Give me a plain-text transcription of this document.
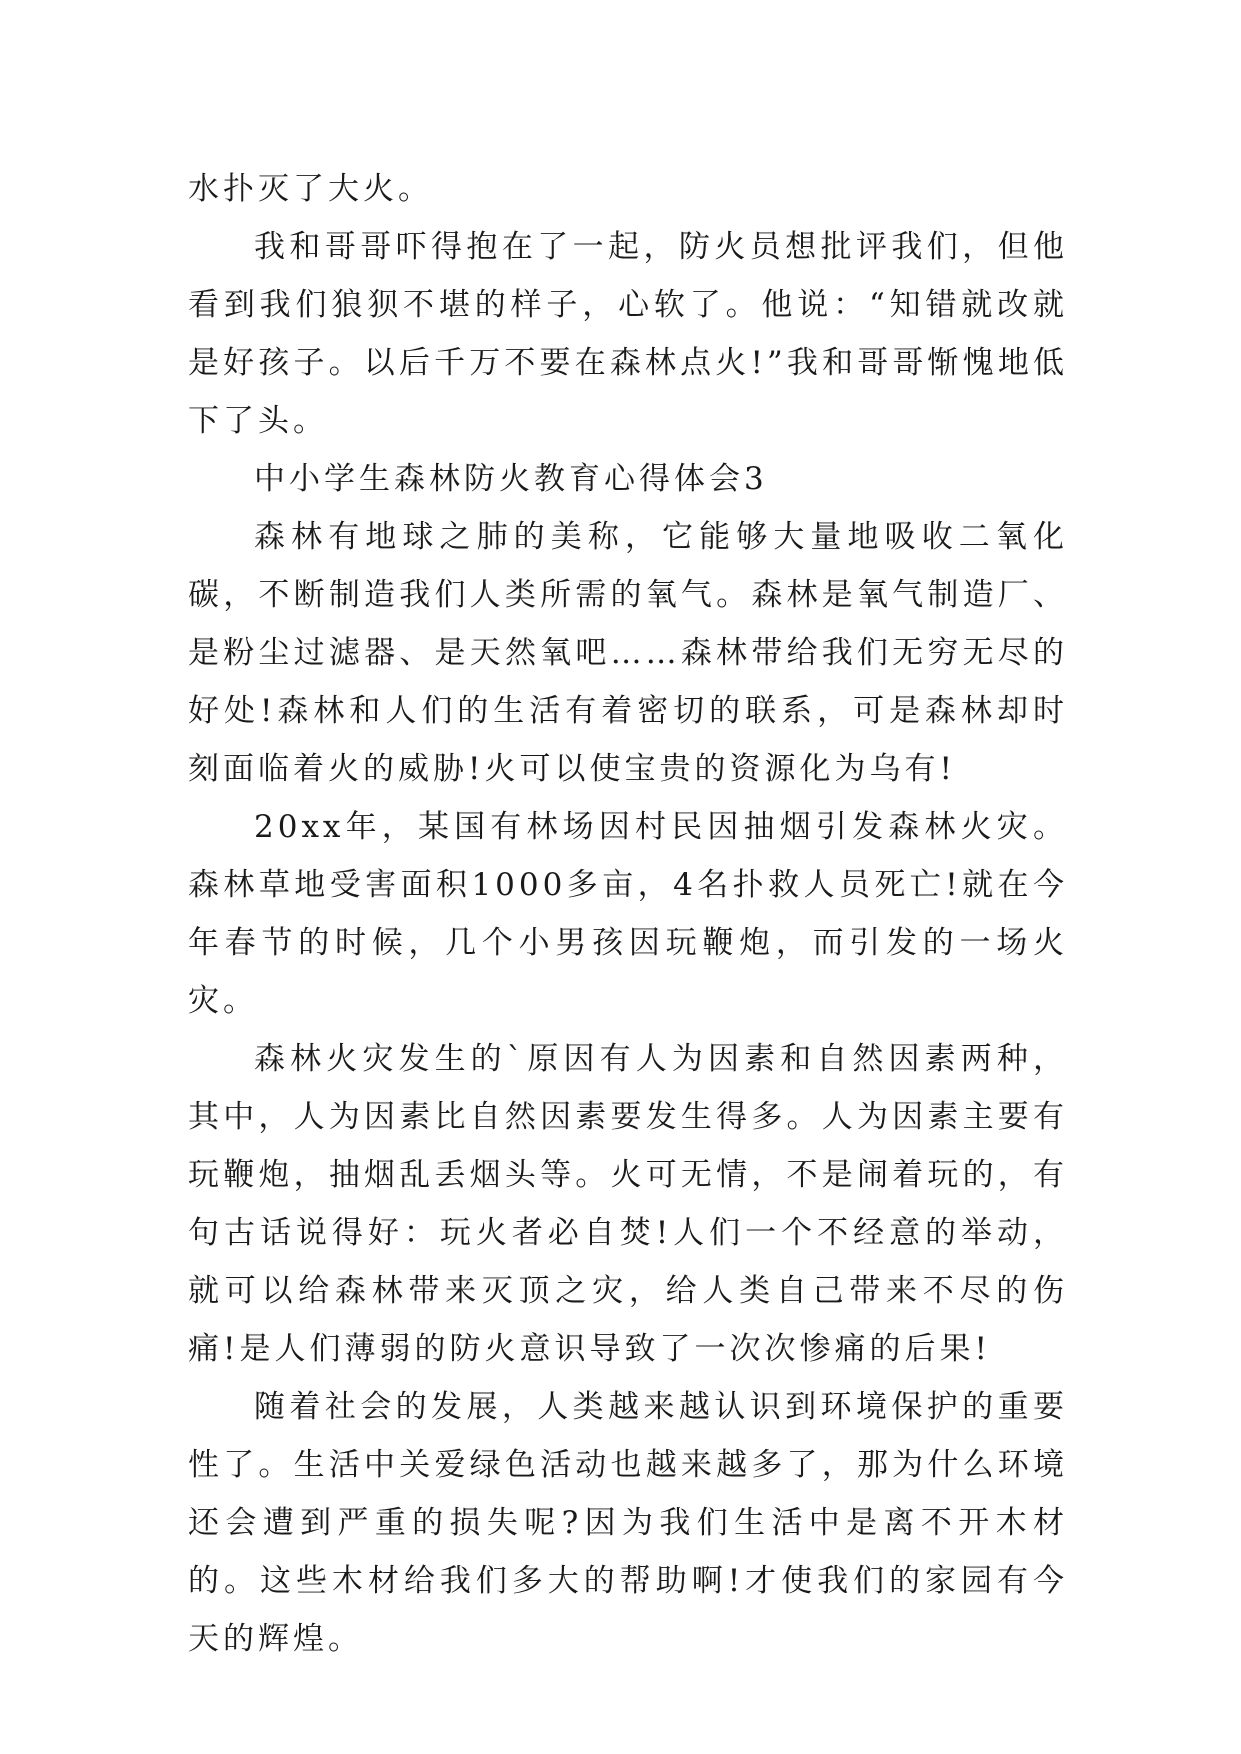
水扑灭了大火。

我和哥哥吓得抱在了一起，防火员想批评我们，但他看到我们狼狈不堪的样子，心软了。他说：“知错就改就是好孩子。以后千万不要在森林点火!”我和哥哥惭愧地低下了头。

中小学生森林防火教育心得体会3

森林有地球之肺的美称，它能够大量地吸收二氧化碳，不断制造我们人类所需的氧气。森林是氧气制造厂、是粉尘过滤器、是天然氧吧……森林带给我们无穷无尽的好处!森林和人们的生活有着密切的联系，可是森林却时刻面临着火的威胁!火可以使宝贵的资源化为乌有!

20xx年，某国有林场因村民因抽烟引发森林火灾。森林草地受害面积1000多亩，4名扑救人员死亡!就在今年春节的时候，几个小男孩因玩鞭炮，而引发的一场火灾。

森林火灾发生的`原因有人为因素和自然因素两种，其中，人为因素比自然因素要发生得多。人为因素主要有玩鞭炮，抽烟乱丢烟头等。火可无情，不是闹着玩的，有句古话说得好：玩火者必自焚!人们一个不经意的举动，就可以给森林带来灭顶之灾，给人类自己带来不尽的伤痛!是人们薄弱的防火意识导致了一次次惨痛的后果!

随着社会的发展，人类越来越认识到环境保护的重要性了。生活中关爱绿色活动也越来越多了，那为什么环境还会遭到严重的损失呢?因为我们生活中是离不开木材的。这些木材给我们多大的帮助啊!才使我们的家园有今天的辉煌。
